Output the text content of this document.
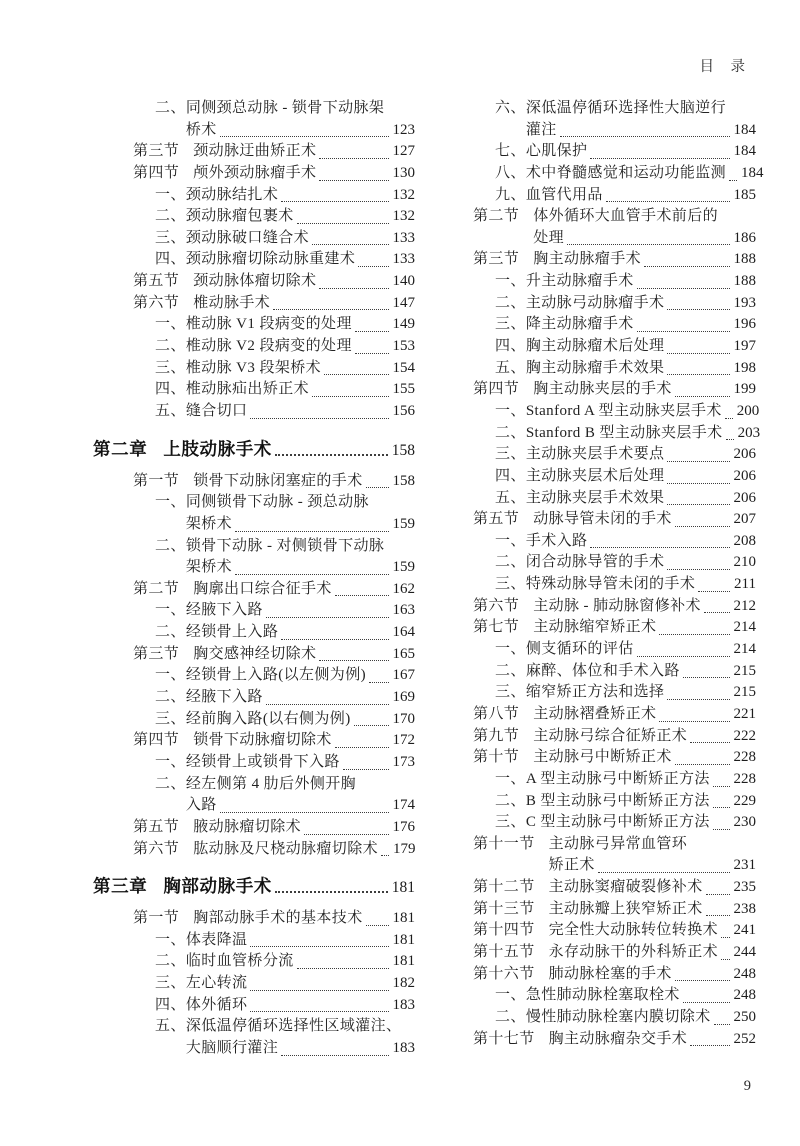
目　录
二、 同侧颈总动脉 - 锁骨下动脉架
桥术	123
第三节 颈动脉迂曲矫正术	127
第四节 颅外颈动脉瘤手术	130
一、 颈动脉结扎术	132
二、 颈动脉瘤包裹术	132
三、 颈动脉破口缝合术	133
四、 颈动脉瘤切除动脉重建术 133
第五节 颈动脉体瘤切除术	140
第六节 椎动脉手术	147
一、 椎动脉 V1 段病变的处理	149
二、 椎动脉 V2 段病变的处理	153
三、 椎动脉 V3 段架桥术	154
四、 椎动脉疝出矫正术	155
五、 缝合切口	156
第二章 上肢动脉手术	158
第一节 锁骨下动脉闭塞症的手术 158
一、 同侧锁骨下动脉 - 颈总动脉
架桥术	159
二、 锁骨下动脉 - 对侧锁骨下动脉
架桥术	159
第二节 胸廓出口综合征手术	162
一、 经腋下入路	163
二、 经锁骨上入路	164
第三节 胸交感神经切除术	165
一、 经锁骨上入路(以左侧为例) 167
二、 经腋下入路	169
三、 经前胸入路(以右侧为例)	170
第四节 锁骨下动脉瘤切除术	172
一、 经锁骨上或锁骨下入路	173
二、 经左侧第 4 肋后外侧开胸
入路	174
第五节 腋动脉瘤切除术	176
第六节 肱动脉及尺桡动脉瘤切除术 179
第三章 胸部动脉手术	181
第一节 胸部动脉手术的基本技术 181
一、 体表降温	181
二、 临时血管桥分流	181
三、 左心转流	182
四、 体外循环	183
五、 深低温停循环选择性区域灌注、
大脑顺行灌注	183
六、 深低温停循环选择性大脑逆行
灌注	184
七、 心肌保护	184
八、 术中脊髓感觉和运动功能监测 184
九、 血管代用品	185
第二节 体外循环大血管手术前后的
处理	186
第三节 胸主动脉瘤手术	188
一、 升主动脉瘤手术	188
二、 主动脉弓动脉瘤手术	193
三、 降主动脉瘤手术	196
四、 胸主动脉瘤术后处理	197
五、 胸主动脉瘤手术效果	198
第四节 胸主动脉夹层的手术	199
一、 Stanford A 型主动脉夹层手术 200
二、 Stanford B 型主动脉夹层手术 203
三、 主动脉夹层手术要点	206
四、 主动脉夹层术后处理	206
五、 主动脉夹层手术效果	206
第五节 动脉导管未闭的手术	207
一、 手术入路	208
二、 闭合动脉导管的手术	210
三、 特殊动脉导管未闭的手术	211
第六节 主动脉 - 肺动脉窗修补术 212
第七节 主动脉缩窄矫正术	214
一、 侧支循环的评估	214
二、 麻醉、体位和手术入路	215
三、 缩窄矫正方法和选择	215
第八节 主动脉褶叠矫正术	221
第九节 主动脉弓综合征矫正术	222
第十节 主动脉弓中断矫正术	228
一、 A 型主动脉弓中断矫正方法 228
二、 B 型主动脉弓中断矫正方法 229
三、 C 型主动脉弓中断矫正方法 230
第十一节 主动脉弓异常血管环
矫正术	231
第十二节 主动脉窦瘤破裂修补术 235
第十三节 主动脉瓣上狭窄矫正术 238
第十四节 完全性大动脉转位转换术 241
第十五节 永存动脉干的外科矫正术 244
第十六节 肺动脉栓塞的手术	248
一、 急性肺动脉栓塞取栓术	248
二、 慢性肺动脉栓塞内膜切除术 250
第十七节 胸主动脉瘤杂交手术	252
9
